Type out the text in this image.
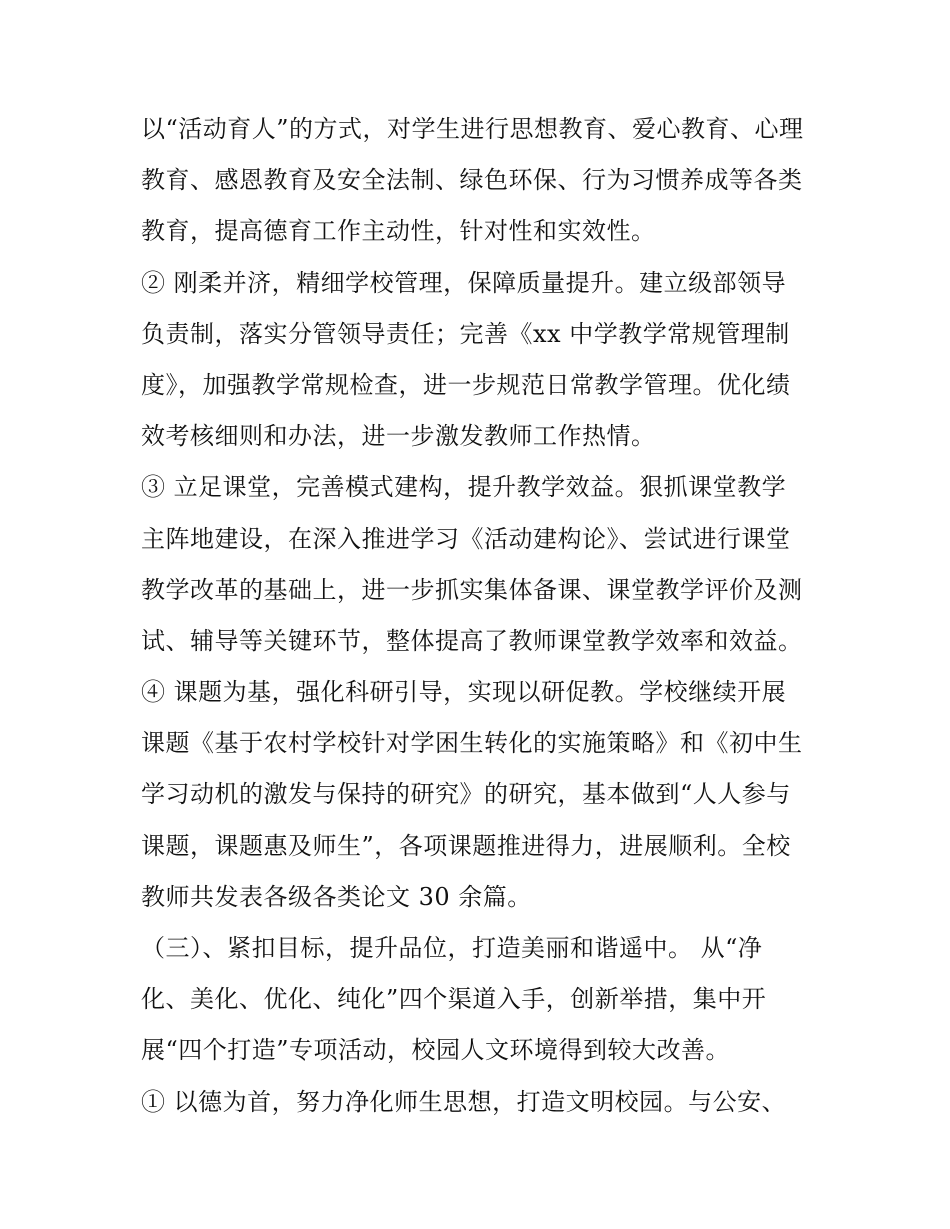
以“活动育人”的方式，对学生进行思想教育、爱心教育、心理
教育、感恩教育及安全法制、绿色环保、行为习惯养成等各类
教育，提高德育工作主动性，针对性和实效性。
② 刚柔并济，精细学校管理，保障质量提升。建立级部领导
负责制，落实分管领导责任；完善《xx 中学教学常规管理制
度》，加强教学常规检查，进一步规范日常教学管理。优化绩
效考核细则和办法，进一步激发教师工作热情。
③ 立足课堂，完善模式建构，提升教学效益。狠抓课堂教学
主阵地建设，在深入推进学习《活动建构论》、尝试进行课堂
教学改革的基础上，进一步抓实集体备课、课堂教学评价及测
试、辅导等关键环节，整体提高了教师课堂教学效率和效益。
④ 课题为基，强化科研引导，实现以研促教。学校继续开展
课题《基于农村学校针对学困生转化的实施策略》和《初中生
学习动机的激发与保持的研究》的研究，基本做到“人人参与
课题，课题惠及师生”，各项课题推进得力，进展顺利。全校
教师共发表各级各类论文 30 余篇。
（三）、紧扣目标，提升品位，打造美丽和谐遥中。 从“净
化、美化、优化、纯化”四个渠道入手，创新举措，集中开
展“四个打造”专项活动，校园人文环境得到较大改善。
① 以德为首，努力净化师生思想，打造文明校园。与公安、
